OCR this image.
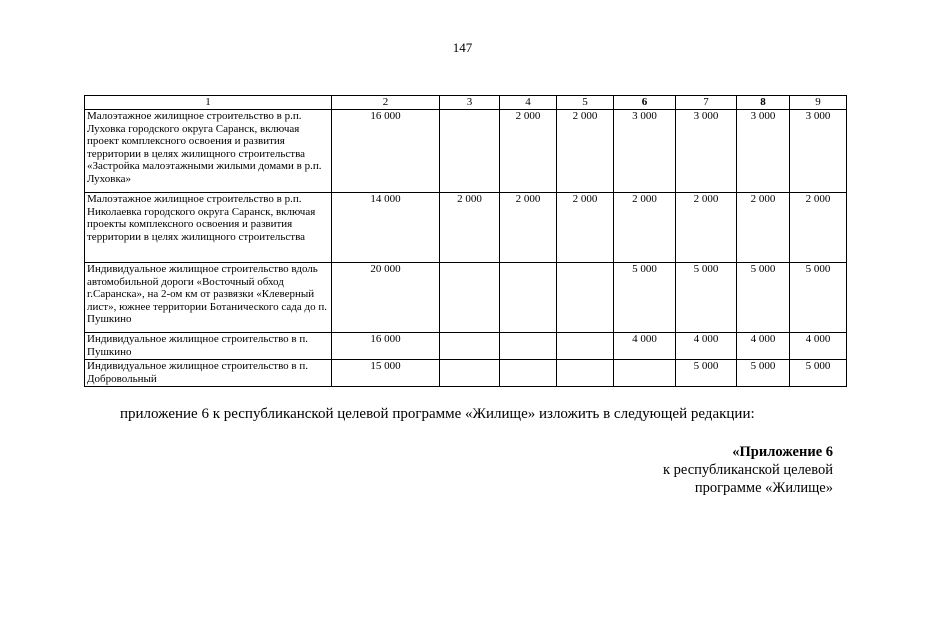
147
1	2	3	4	5	6	7	8	9
Малоэтажное жилищное строительство в р.п. Луховка городского округа Саранск, включая проект комплексного освоения и развития территории в целях жилищного строительства «Застройка малоэтажными жилыми домами в р.п. Луховка»	16 000		2 000	2 000	3 000	3 000	3 000	3 000
Малоэтажное жилищное строительство в р.п. Николаевка городского округа Саранск, включая проекты комплексного освоения и развития территории в целях жилищного строительства	14 000	2 000	2 000	2 000	2 000	2 000	2 000	2 000
Индивидуальное жилищное строительство вдоль автомобильной дороги «Восточный обход г.Саранска», на 2-ом км от развязки «Клеверный лист», южнее территории Ботанического сада до п. Пушкино	20 000				5 000	5 000	5 000	5 000
Индивидуальное жилищное строительство в п. Пушкино	16 000				4 000	4 000	4 000	4 000
Индивидуальное жилищное строительство в п. Добровольный	15 000					5 000	5 000	5 000
приложение 6 к республиканской целевой программе «Жилище» изложить в следующей редакции:
«Приложение 6
к республиканской целевой
программе «Жилище»
